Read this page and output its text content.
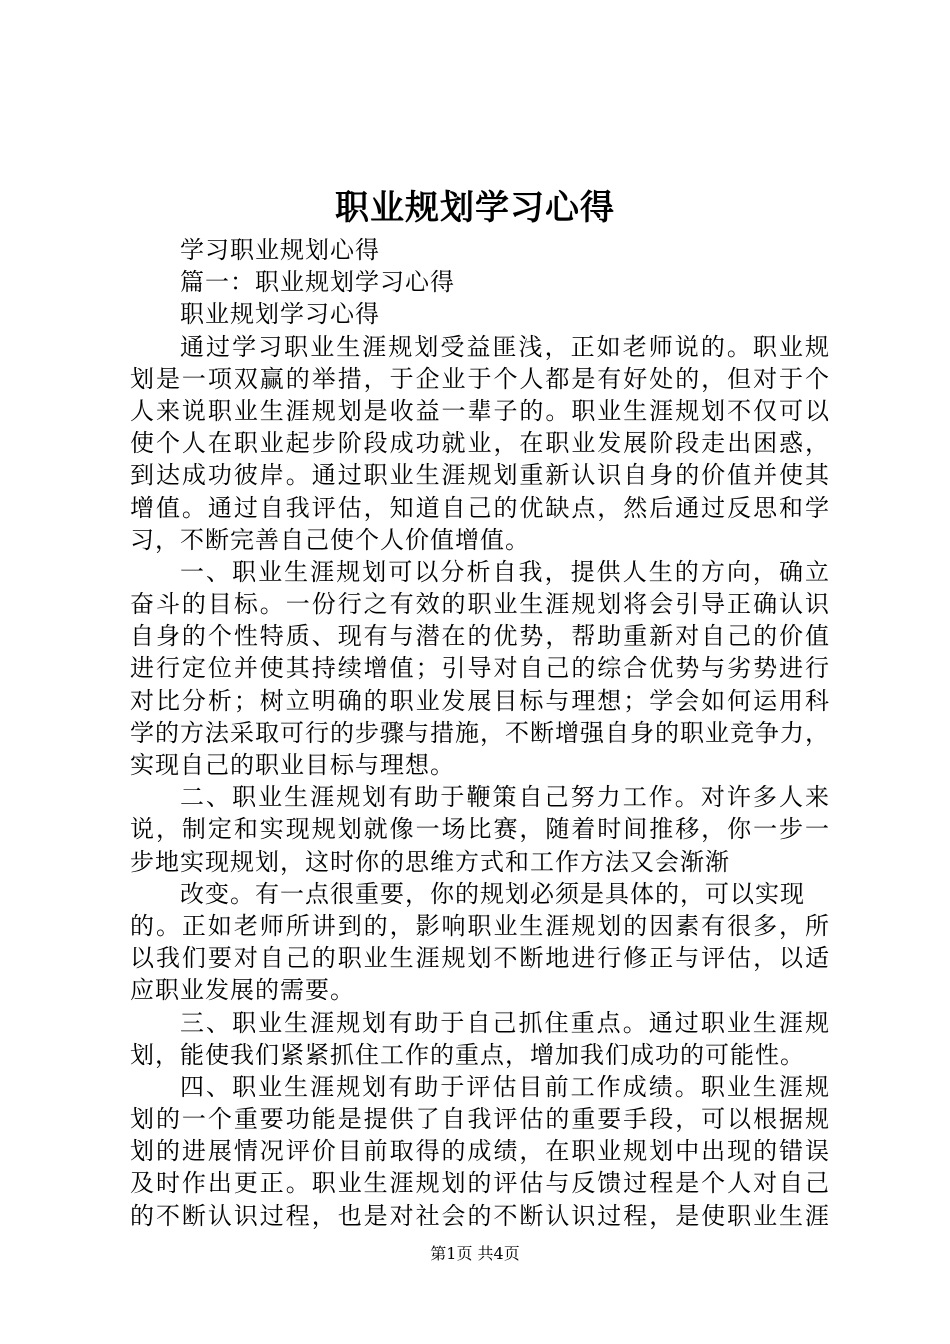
职业规划学习心得
学习职业规划心得
篇一：职业规划学习心得
职业规划学习心得
通过学习职业生涯规划受益匪浅，正如老师说的。职业规
划是一项双赢的举措，于企业于个人都是有好处的，但对于个
人来说职业生涯规划是收益一辈子的。职业生涯规划不仅可以
使个人在职业起步阶段成功就业，在职业发展阶段走出困惑，
到达成功彼岸。通过职业生涯规划重新认识自身的价值并使其
增值。通过自我评估，知道自己的优缺点，然后通过反思和学
习，不断完善自己使个人价值增值。
一、职业生涯规划可以分析自我，提供人生的方向，确立
奋斗的目标。一份行之有效的职业生涯规划将会引导正确认识
自身的个性特质、现有与潜在的优势，帮助重新对自己的价值
进行定位并使其持续增值；引导对自己的综合优势与劣势进行
对比分析；树立明确的职业发展目标与理想；学会如何运用科
学的方法采取可行的步骤与措施，不断增强自身的职业竞争力，
实现自己的职业目标与理想。
二、职业生涯规划有助于鞭策自己努力工作。对许多人来
说，制定和实现规划就像一场比赛，随着时间推移，你一步一
步地实现规划，这时你的思维方式和工作方法又会渐渐
改变。有一点很重要，你的规划必须是具体的，可以实现
的。正如老师所讲到的，影响职业生涯规划的因素有很多，所
以我们要对自己的职业生涯规划不断地进行修正与评估，以适
应职业发展的需要。
三、职业生涯规划有助于自己抓住重点。通过职业生涯规
划，能使我们紧紧抓住工作的重点，增加我们成功的可能性。
四、职业生涯规划有助于评估目前工作成绩。职业生涯规
划的一个重要功能是提供了自我评估的重要手段，可以根据规
划的进展情况评价目前取得的成绩，在职业规划中出现的错误
及时作出更正。职业生涯规划的评估与反馈过程是个人对自己
的不断认识过程，也是对社会的不断认识过程，是使职业生涯
第1页 共4页
